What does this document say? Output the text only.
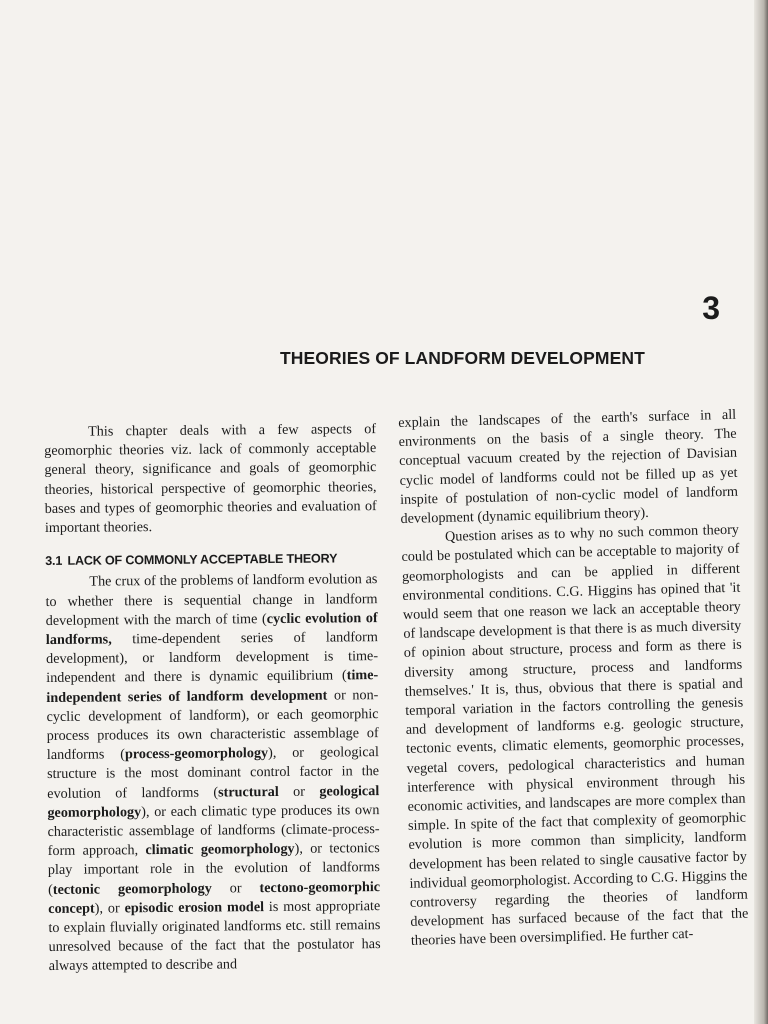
3
THEORIES OF LANDFORM DEVELOPMENT

This chapter deals with a few aspects of geomorphic theories viz. lack of commonly acceptable general theory, significance and goals of geomorphic theories, historical perspective of geomorphic theories, bases and types of geomorphic theories and evaluation of important theories.

3.1 LACK OF COMMONLY ACCEPTABLE THEORY

The crux of the problems of landform evolution as to whether there is sequential change in landform development with the march of time (cyclic evolution of landforms, time-dependent series of landform development), or landform development is time-independent and there is dynamic equilibrium (time-independent series of landform development or non-cyclic development of landform), or each geomorphic process produces its own characteristic assemblage of landforms (process-geomorphology), or geological structure is the most dominant control factor in the evolution of landforms (structural or geological geomorphology), or each climatic type produces its own characteristic assemblage of landforms (climate-process-form approach, climatic geomorphology), or tectonics play important role in the evolution of landforms (tectonic geomorphology or tectono-geomorphic concept), or episodic erosion model is most appropriate to explain fluvially originated landforms etc. still remains unresolved because of the fact that the postulator has always attempted to describe and

explain the landscapes of the earth's surface in all environments on the basis of a single theory. The conceptual vacuum created by the rejection of Davisian cyclic model of landforms could not be filled up as yet inspite of postulation of non-cyclic model of landform development (dynamic equilibrium theory).

Question arises as to why no such common theory could be postulated which can be acceptable to majority of geomorphologists and can be applied in different environmental conditions. C.G. Higgins has opined that 'it would seem that one reason we lack an acceptable theory of landscape development is that there is as much diversity of opinion about structure, process and form as there is diversity among structure, process and landforms themselves.' It is, thus, obvious that there is spatial and temporal variation in the factors controlling the genesis and development of landforms e.g. geologic structure, tectonic events, climatic elements, geomorphic processes, vegetal covers, pedological characteristics and human interference with physical environment through his economic activities, and landscapes are more complex than simple. In spite of the fact that complexity of geomorphic evolution is more common than simplicity, landform development has been related to single causative factor by individual geomorphologist. According to C.G. Higgins the controversy regarding the theories of landform development has surfaced because of the fact that the theories have been oversimplified. He further cat-
